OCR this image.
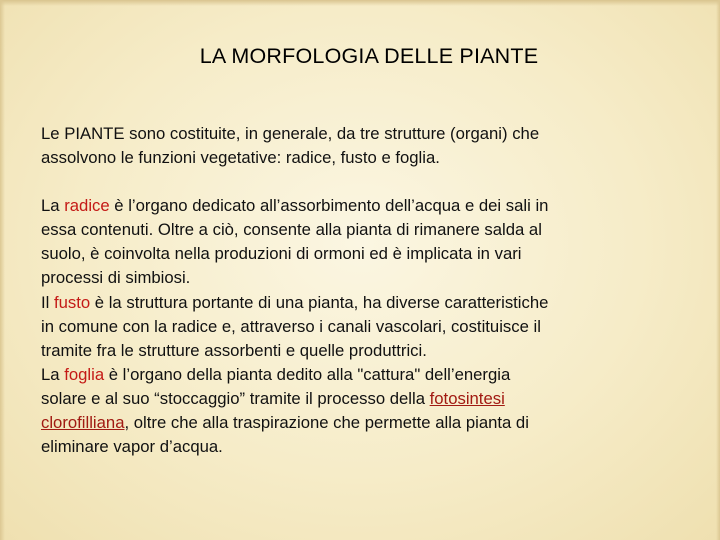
LA MORFOLOGIA DELLE PIANTE

Le PIANTE sono costituite, in generale, da tre strutture (organi) che
assolvono le funzioni vegetative: radice, fusto e foglia.

La radice è l’organo dedicato all’assorbimento dell’acqua e dei sali in
essa contenuti. Oltre a ciò, consente alla pianta di rimanere salda al
suolo, è coinvolta nella produzioni di ormoni ed è implicata in vari
processi di simbiosi.

Il fusto è la struttura portante di una pianta, ha diverse caratteristiche
in comune con la radice e, attraverso i canali vascolari, costituisce il
tramite fra le strutture assorbenti e quelle produttrici.

La foglia è l’organo della pianta dedito alla "cattura" dell’energia
solare e al suo “stoccaggio” tramite il processo della fotosintesi
clorofilliana, oltre che alla traspirazione che permette alla pianta di
eliminare vapor d’acqua.
